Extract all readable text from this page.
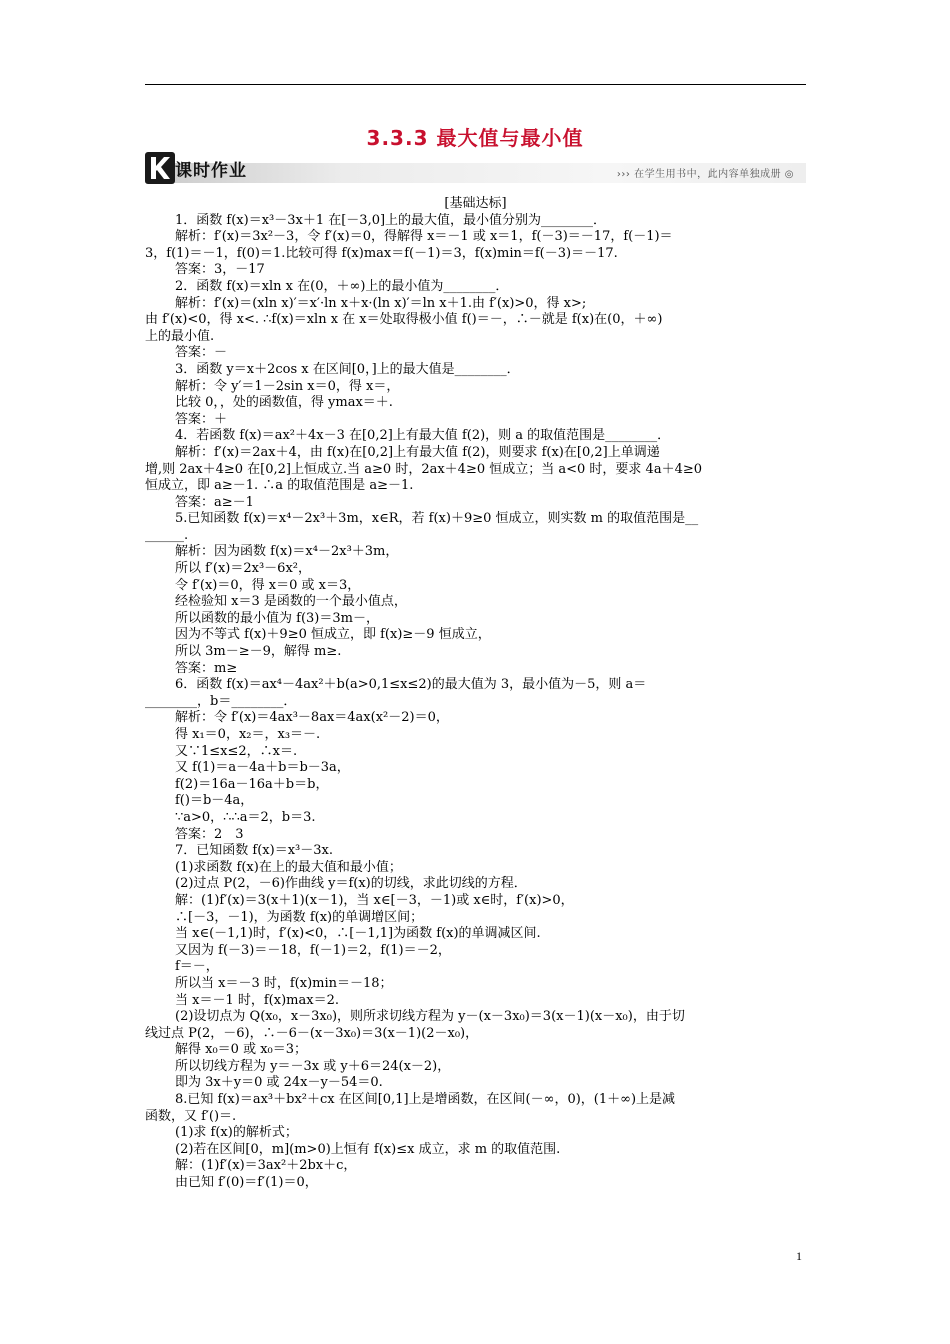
3.3.3 最大值与最小值
课时作业	››› 在学生用书中，此内容单独成册 ◎

[基础达标]

1．函数 f(x)＝x³－3x＋1 在[－3,0]上的最大值，最小值分别为________．

解析：f′(x)＝3x²－3，令 f′(x)＝0，得解得 x＝－1 或 x＝1，f(－3)＝－17，f(－1)＝

3，f(1)＝－1，f(0)＝1.比较可得 f(x)max＝f(－1)＝3，f(x)min＝f(－3)＝－17.

答案：3，－17

2．函数 f(x)＝xln x 在(0，＋∞)上的最小值为________．

解析：f′(x)＝(xln x)′＝x′·ln x＋x·(ln x)′＝ln x＋1.由 f′(x)>0，得 x>;

由 f′(x)<0，得 x<. ∴f(x)＝xln x 在 x＝处取得极小值 f()＝－，∴－就是 f(x)在(0，＋∞)

上的最小值.

答案：－

3．函数 y＝x＋2cos x 在区间[0，]上的最大值是________．

解析：令 y′＝1－2sin x＝0，得 x＝，

比较 0，，处的函数值，得 ymax＝＋.

答案：＋

4．若函数 f(x)＝ax²＋4x－3 在[0,2]上有最大值 f(2)，则 a 的取值范围是________．

解析：f′(x)＝2ax＋4，由 f(x)在[0,2]上有最大值 f(2)，则要求 f(x)在[0,2]上单调递

增,则 2ax＋4≥0 在[0,2]上恒成立.当 a≥0 时，2ax＋4≥0 恒成立；当 a<0 时，要求 4a＋4≥0

恒成立，即 a≥－1. ∴a 的取值范围是 a≥－1.

答案：a≥－1

5.已知函数 f(x)＝x⁴－2x³＋3m，x∈R，若 f(x)＋9≥0 恒成立，则实数 m 的取值范围是__

______.

解析：因为函数 f(x)＝x⁴－2x³＋3m，

所以 f′(x)＝2x³－6x²，

令 f′(x)＝0，得 x＝0 或 x＝3，

经检验知 x＝3 是函数的一个最小值点，

所以函数的最小值为 f(3)＝3m－，

因为不等式 f(x)＋9≥0 恒成立，即 f(x)≥－9 恒成立，

所以 3m－≥－9，解得 m≥.

答案：m≥

6．函数 f(x)＝ax⁴－4ax²＋b(a>0,1≤x≤2)的最大值为 3，最小值为－5，则 a＝

________，b＝________．

解析：令 f′(x)＝4ax³－8ax＝4ax(x²－2)＝0，

得 x₁＝0，x₂＝，x₃＝－.

又∵1≤x≤2，∴x＝.

又 f(1)＝a－4a＋b＝b－3a，

f(2)＝16a－16a＋b＝b，

f()＝b－4a，

∵a>0，∴∴a＝2，b＝3.

答案：2　3

7．已知函数 f(x)＝x³－3x.

(1)求函数 f(x)在上的最大值和最小值；

(2)过点 P(2，－6)作曲线 y＝f(x)的切线，求此切线的方程．

解：(1)f′(x)＝3(x＋1)(x－1)，当 x∈[－3，－1)或 x∈时，f′(x)>0，

∴[－3，－1)，为函数 f(x)的单调增区间；

当 x∈(－1,1)时，f′(x)<0，∴[－1,1]为函数 f(x)的单调减区间.

又因为 f(－3)＝－18，f(－1)＝2，f(1)＝－2，

f＝－，

所以当 x＝－3 时，f(x)min＝－18；

当 x＝－1 时，f(x)max＝2.

(2)设切点为 Q(x₀，x－3x₀)，则所求切线方程为 y－(x－3x₀)＝3(x－1)(x－x₀)，由于切

线过点 P(2，－6)，∴－6－(x－3x₀)＝3(x－1)(2－x₀)，

解得 x₀＝0 或 x₀＝3；

所以切线方程为 y＝－3x 或 y＋6＝24(x－2)，

即为 3x＋y＝0 或 24x－y－54＝0.

8.已知 f(x)＝ax³＋bx²＋cx 在区间[0,1]上是增函数，在区间(－∞，0)，(1＋∞)上是减

函数，又 f′()＝.

(1)求 f(x)的解析式；

(2)若在区间[0，m](m>0)上恒有 f(x)≤x 成立，求 m 的取值范围.

解：(1)f′(x)＝3ax²＋2bx＋c，

由已知 f′(0)＝f′(1)＝0，

1
